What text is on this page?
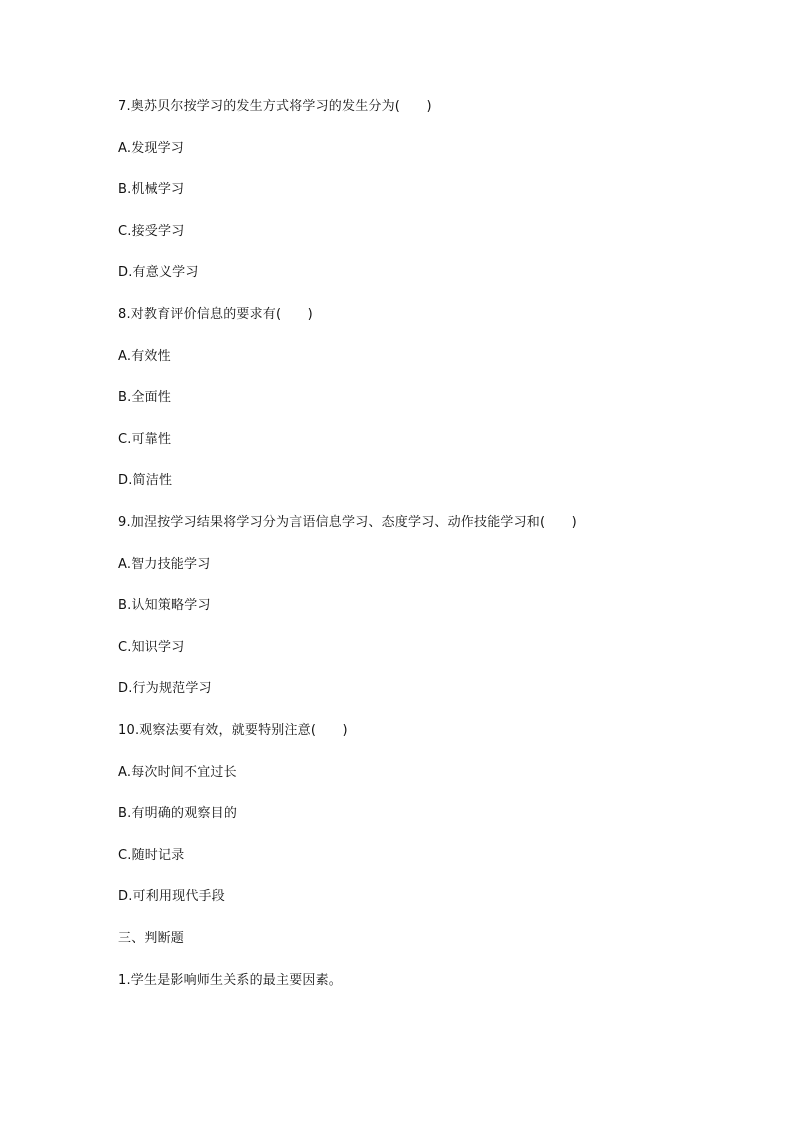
7.奥苏贝尔按学习的发生方式将学习的发生分为(　　)
A.发现学习
B.机械学习
C.接受学习
D.有意义学习
8.对教育评价信息的要求有(　　)
A.有效性
B.全面性
C.可靠性
D.简洁性
9.加涅按学习结果将学习分为言语信息学习、态度学习、动作技能学习和(　　)
A.智力技能学习
B.认知策略学习
C.知识学习
D.行为规范学习
10.观察法要有效，就要特别注意(　　)
A.每次时间不宜过长
B.有明确的观察目的
C.随时记录
D.可利用现代手段
三、判断题
1.学生是影响师生关系的最主要因素。
